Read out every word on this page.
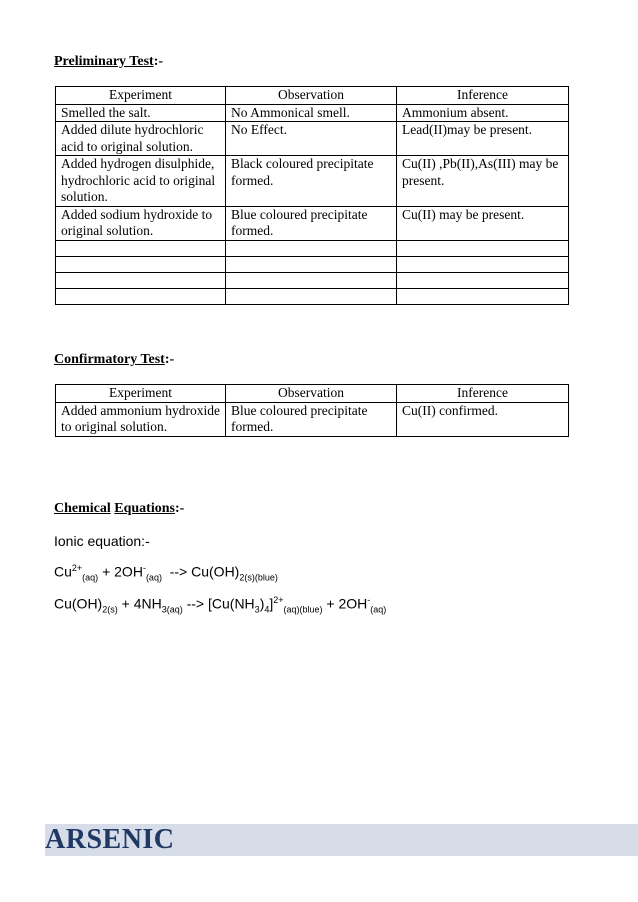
Preliminary Test:-
Experiment	Observation	Inference
Smelled the salt.	No Ammonical smell.	Ammonium absent.
Added dilute hydrochloric acid to original solution.	No Effect.	Lead(II)may be present.
Added hydrogen disulphide, hydrochloric acid to original solution.	Black coloured precipitate formed.	Cu(II) ,Pb(II),As(III) may be present.
Added sodium hydroxide to original solution.	Blue coloured precipitate formed.	Cu(II) may be present.

Confirmatory Test:-
Experiment	Observation	Inference
Added ammonium hydroxide to original solution.	Blue coloured precipitate formed.	Cu(II) confirmed.
Chemical Equations:-
Ionic equation:-
$Cu^{2+}_{(aq)} + 2OH^-_{(aq)}$  --> $Cu(OH)_{2(s)(blue)}$
$Cu(OH)_{2(s)} + 4NH_{3(aq)}$ --> $[Cu(NH_3)_4]^{2+}_{(aq)(blue)} + 2OH^-_{(aq)}$
ARSENIC
